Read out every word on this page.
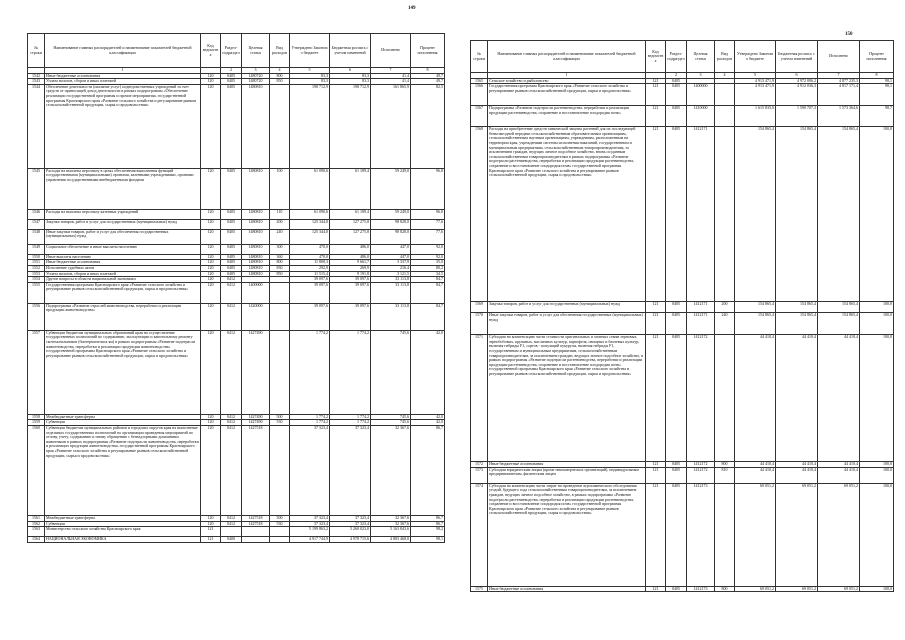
149
№ строки	Наименование главных распорядителей и наименование показателей бюджетной классификации	Код ведомства	Раздел-подраздел	Целевая статья	Вид расходов	Утверждено Законом о бюджете	Бюджетная роспись с учетом изменений	Исполнено	Процент исполнения
	1		2	3	4	5	6	7	8
1542	Иные бюджетные ассигнования	120	0405	1480720	800	83,3	83,3	41,4	49,7
1543	Уплата налогов, сборов и иных платежей	120	0405	1480720	850	83,3	83,3	41,4	49,7
1544	Обеспечение деятельности (оказание услуг) подведомственных учреждений за счет средств от приносящей доход деятельности в рамках подпрограммы «Обеспечение реализации государственной программы и прочие мероприятия» государственной программы Красноярского края «Развитие сельского хозяйства и регулирование рынков сельскохозяйственной продукции, сырья и продовольствия»	120	0405	1480810		198 712,9	198 712,9	161 865,9	82,5
1545	Расходы на выплаты персоналу в целях обеспечения выполнения функций государственными (муниципальными) органами, казенными учреждениями, органами управления государственными внебюджетными фондами	120	0405	1480810	100	61 090,6	61 189,4	59 249,0	96,8
1546	Расходы на выплаты персоналу казенных учреждений	120	0405	1480810	110	61 090,6	61 189,4	59 249,0	96,8
1547	Закупка товаров, работ и услуг для государственных (муниципальных) нужд	120	0405	1480810	200	125 344,0	127 275,8	98 828,0	77,6
1548	Иные закупки товаров, работ и услуг для обеспечения государственных (муниципальных) нужд	120	0405	1480810	240	125 344,0	127 275,8	98 828,0	77,6
1549	Социальное обеспечение и иные выплаты населению	120	0405	1480810	300	470,0	486,0	447,0	92,0
1550	Иные выплаты населению	120	0405	1480810	360	470,0	486,0	447,0	92,0
1551	Иные бюджетные ассигнования	120	0405	1480810	800	11 808,3	9 661,7	3 337,9	35,0
1552	Исполнение судебных актов	120	0405	1480810	830	292,9	269,9	216,4	80,2
1553	Уплата налогов, сборов и иных платежей	120	0405	1480810	850	11 515,4	9 191,8	3 121,5	34,5
1554	Другие вопросы в области национальной экономики	120	0412			39 097,6	39 097,6	33 113,8	84,7
1555	Государственная программа Красноярского края «Развитие сельского хозяйства и регулирование рынков сельскохозяйственной продукции, сырья и продовольствия»	120	0412	1400000		39 097,6	39 097,6	33 113,8	84,7
1556	Подпрограмма «Развитие отраслей животноводства, переработки и реализации продукции животноводства»	120	0412	1420000		39 097,6	39 097,6	33 113,8	84,7
1557	Субвенции бюджетам муниципальных образований края на осуществление государственных полномочий по содержанию, эксплуатации и капитальному ремонту скотомогильников (биотермических ям) в рамках подпрограммы «Развитие подотрасли животноводства, переработки и реализации продукции животноводства» государственной программы Красноярского края «Развитие сельского хозяйства и регулирование рынков сельскохозяйственной продукции, сырья и продовольствия»	120	0412	1427490		1 774,2	1 774,2	745,6	42,0
1558	Межбюджетные трансферты	120	0412	1427490	500	1 774,2	1 774,2	745,6	42,0
1559	Субвенции	120	0412	1427490	530	1 774,2	1 774,2	745,6	42,0
1560	Субвенции бюджетам муниципальных районов и городских округов края на выполнение отдельных государственных полномочий по организации проведения мероприятий по отлову, учету, содержанию и иному обращению с безнадзорными домашними животными в рамках подпрограммы «Развитие подотрасли животноводства, переработки и реализации продукции животноводства» государственной программы Красноярского края «Развитие сельского хозяйства и регулирование рынков сельскохозяйственной продукции, сырья и продовольствия»	120	0412	1427518		37 323,4	37 323,4	32 367,6	86,7
1561	Межбюджетные трансферты	120	0412	1427518	500	37 323,4	37 323,4	32 367,6	86,7
1562	Субвенции	120	0412	1427518	530	37 323,4	37 323,4	32 367,6	86,7
1563	Министерство сельского хозяйства Красноярского края	121				5 199 863,2	5 260 023,0	5 163 843,6	98,2
1564	НАЦИОНАЛЬНАЯ ЭКОНОМИКА	121	0400			4 917 744,9	4 978 715,6	4 883 468,0	98,1
150
№ строки	Наименование главных распорядителей и наименование показателей бюджетной классификации	Код ведомства	Раздел-подраздел	Целевая статья	Вид расходов	Утверждено Законом о бюджете	Бюджетная роспись с учетом изменений	Исполнено	Процент исполнения
	1		2	3	4	5	6	7	8
1565	Сельское хозяйство и рыболовство	121	0405			4 913 471,9	4 972 006,2	4 877 235,3	98,1
1566	Государственная программа Красноярского края «Развитие сельского хозяйства и регулирование рынков сельскохозяйственной продукции, сырья и продовольствия»	121	0405	1400000		4 913 471,9	4 912 036,3	4 817 171,4	98,1
1567	Подпрограмма «Развитие подотрасли растениеводства, переработки и реализации продукции растениеводства, сохранение и восстановление плодородия почв»	121	0405	1410000		1 615 835,0	1 590 707,3	1 573 364,6	98,7
1568	Расходы на приобретение средств химической защиты растений для их последующей безвозмездной передачи сельскохозяйственным образовательным организациям, сельскохозяйственным научным организациям, учреждениям, расположенным на территории края, учреждениям системы исполнения наказаний, государственным и муниципальным предприятиям, сельскохозяйственным товаропроизводителям, за исключением граждан, ведущих личное подсобное хозяйство, вновь созданным сельскохозяйственным товаропроизводителям в рамках подпрограммы «Развитие подотрасли растениеводства, переработки и реализации продукции растениеводства, сохранение и восстановление плодородия почв» государственной программы Красноярского края «Развитие сельского хозяйства и регулирование рынков сельскохозяйственной продукции, сырья и продовольствия»	121	0405	1412171		154 865,4	154 865,4	154 865,4	100,0
1569	Закупка товаров, работ и услуг для государственных (муниципальных) нужд	121	0405	1412171	200	154 865,4	154 865,4	154 865,4	100,0
1570	Иные закупки товаров, работ и услуг для обеспечения государственных (муниципальных) нужд	121	0405	1412171	240	154 865,4	154 865,4	154 865,4	100,0
1571	Субсидии на компенсацию части стоимости оригинальных и элитных семян зерновых, зернобобовых, крупяных, масличных культур, картофеля, овощных и бахчевых культур, включая гибриды F1, сортов - популяций кукурузы, включая гибриды F1, государственным и муниципальным предприятиям, сельскохозяйственным товаропроизводителям, за исключением граждан, ведущих личное подсобное хозяйство, в рамках подпрограммы «Развитие подотрасли растениеводства, переработки и реализации продукции растениеводства, сохранение и восстановление плодородия почв» государственной программы Красноярского края «Развитие сельского хозяйства и регулирование рынков сельскохозяйственной продукции, сырья и продовольствия»	121	0405	1412172		44 410,4	44 410,4	44 410,4	100,0
1572	Иные бюджетные ассигнования	121	0405	1412172	800	44 410,4	44 410,4	44 410,4	100,0
1573	Субсидии юридическим лицам (кроме некоммерческих организаций), индивидуальным предпринимателям, физическим лицам	121	0405	1412172	810	44 410,4	44 410,4	44 410,4	100,0
1574	Субсидии на компенсацию части затрат на проведение агрохимического обследования угодий, будущего года сельскохозяйственным товаропроизводителям, за исключением граждан, ведущих личное подсобное хозяйство, в рамках подпрограммы «Развитие подотрасли растениеводства, переработки и реализации продукции растениеводства, сохранение и восстановление плодородия почв» государственной программы Красноярского края «Развитие сельского хозяйства и регулирование рынков сельскохозяйственной продукции, сырья и продовольствия»	121	0405	1412173		69 051,2	69 051,2	69 051,2	100,0
1575	Иные бюджетные ассигнования	121	0405	1412173	800	69 051,2	69 051,2	69 051,2	100,0
